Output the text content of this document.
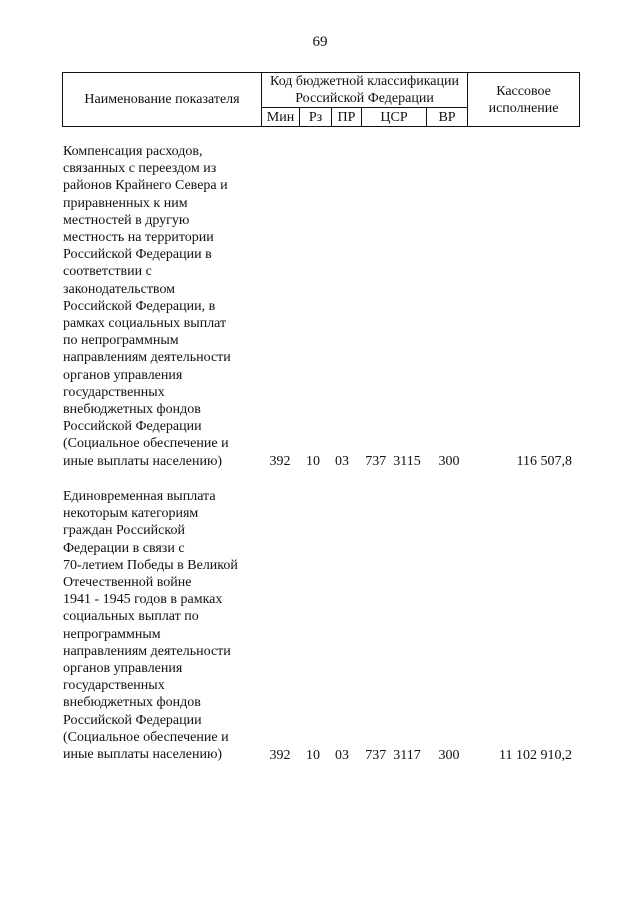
69
Наименование показателя	Код бюджетной классификации Российской Федерации					Кассовое исполнение
	Мин	Рз	ПР	ЦСР	ВР	
Компенсация расходов,
связанных с переездом из
районов Крайнего Севера и
приравненных к ним
местностей в другую
местность на территории
Российской Федерации в
соответствии с
законодательством
Российской Федерации, в
рамках социальных выплат
по непрограммным
направлениям деятельности
органов управления
государственных
внебюджетных фондов
Российской Федерации
(Социальное обеспечение и
иные выплаты населению)	392	10	03	737  3115	300	116 507,8
Единовременная выплата
некоторым категориям
граждан Российской
Федерации в связи с
70-летием Победы в Великой
Отечественной войне
1941 - 1945 годов в рамках
социальных выплат по
непрограммным
направлениям деятельности
органов управления
государственных
внебюджетных фондов
Российской Федерации
(Социальное обеспечение и
иные выплаты населению)	392	10	03	737  3117	300	11 102 910,2
